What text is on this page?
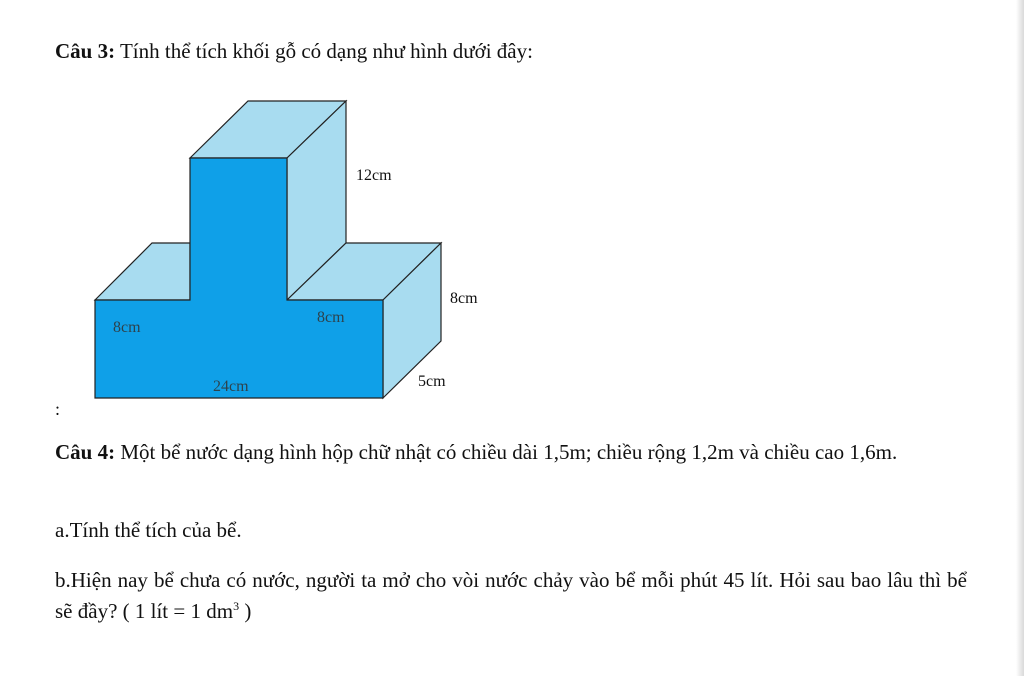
12cm
8cm
5cm
8cm
8cm
24cm
Câu 3: Tính thể tích khối gỗ có dạng như hình dưới đây:
:
Câu 4: Một bể nước dạng hình hộp chữ nhật có chiều dài 1,5m; chiều rộng 1,2m và chiều cao 1,6m.
a.Tính thể tích của bể.
b.Hiện nay bể chưa có nước, người ta mở cho vòi nước chảy vào bể mỗi phút 45 lít. Hỏi sau bao lâu thì bể sẽ đầy? ( 1 lít = 1 $dm^3$ )
